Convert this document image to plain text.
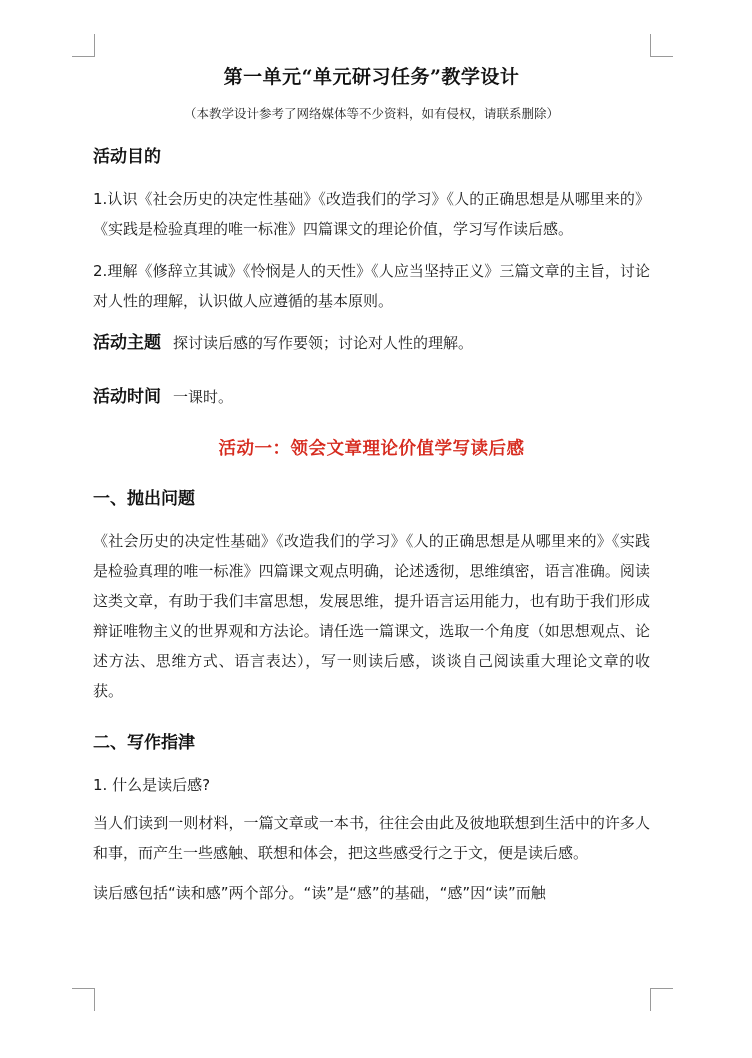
第一单元“单元研习任务”教学设计

（本教学设计参考了网络媒体等不少资料，如有侵权，请联系删除）

活动目的

1.认识《社会历史的决定性基础》《改造我们的学习》《人的正确思想是从哪里来的》《实践是检验真理的唯一标准》四篇课文的理论价值，学习写作读后感。

2.理解《修辞立其诚》《怜悯是人的天性》《人应当坚持正义》三篇文章的主旨，讨论对人性的理解，认识做人应遵循的基本原则。

活动主题 探讨读后感的写作要领；讨论对人性的理解。
活动时间 一课时。
活动一：领会文章理论价值学写读后感
一、抛出问题

《社会历史的决定性基础》《改造我们的学习》《人的正确思想是从哪里来的》《实践是检验真理的唯一标准》四篇课文观点明确，论述透彻，思维缜密，语言准确。阅读这类文章，有助于我们丰富思想，发展思维，提升语言运用能力，也有助于我们形成辩证唯物主义的世界观和方法论。请任选一篇课文，选取一个角度（如思想观点、论述方法、思维方式、语言表达），写一则读后感，谈谈自己阅读重大理论文章的收获。

二、写作指津

1. 什么是读后感?

当人们读到一则材料，一篇文章或一本书，往往会由此及彼地联想到生活中的许多人和事，而产生一些感触、联想和体会，把这些感受行之于文，便是读后感。

读后感包括“读和感”两个部分。“读”是“感”的基础，“感”因“读”而触
